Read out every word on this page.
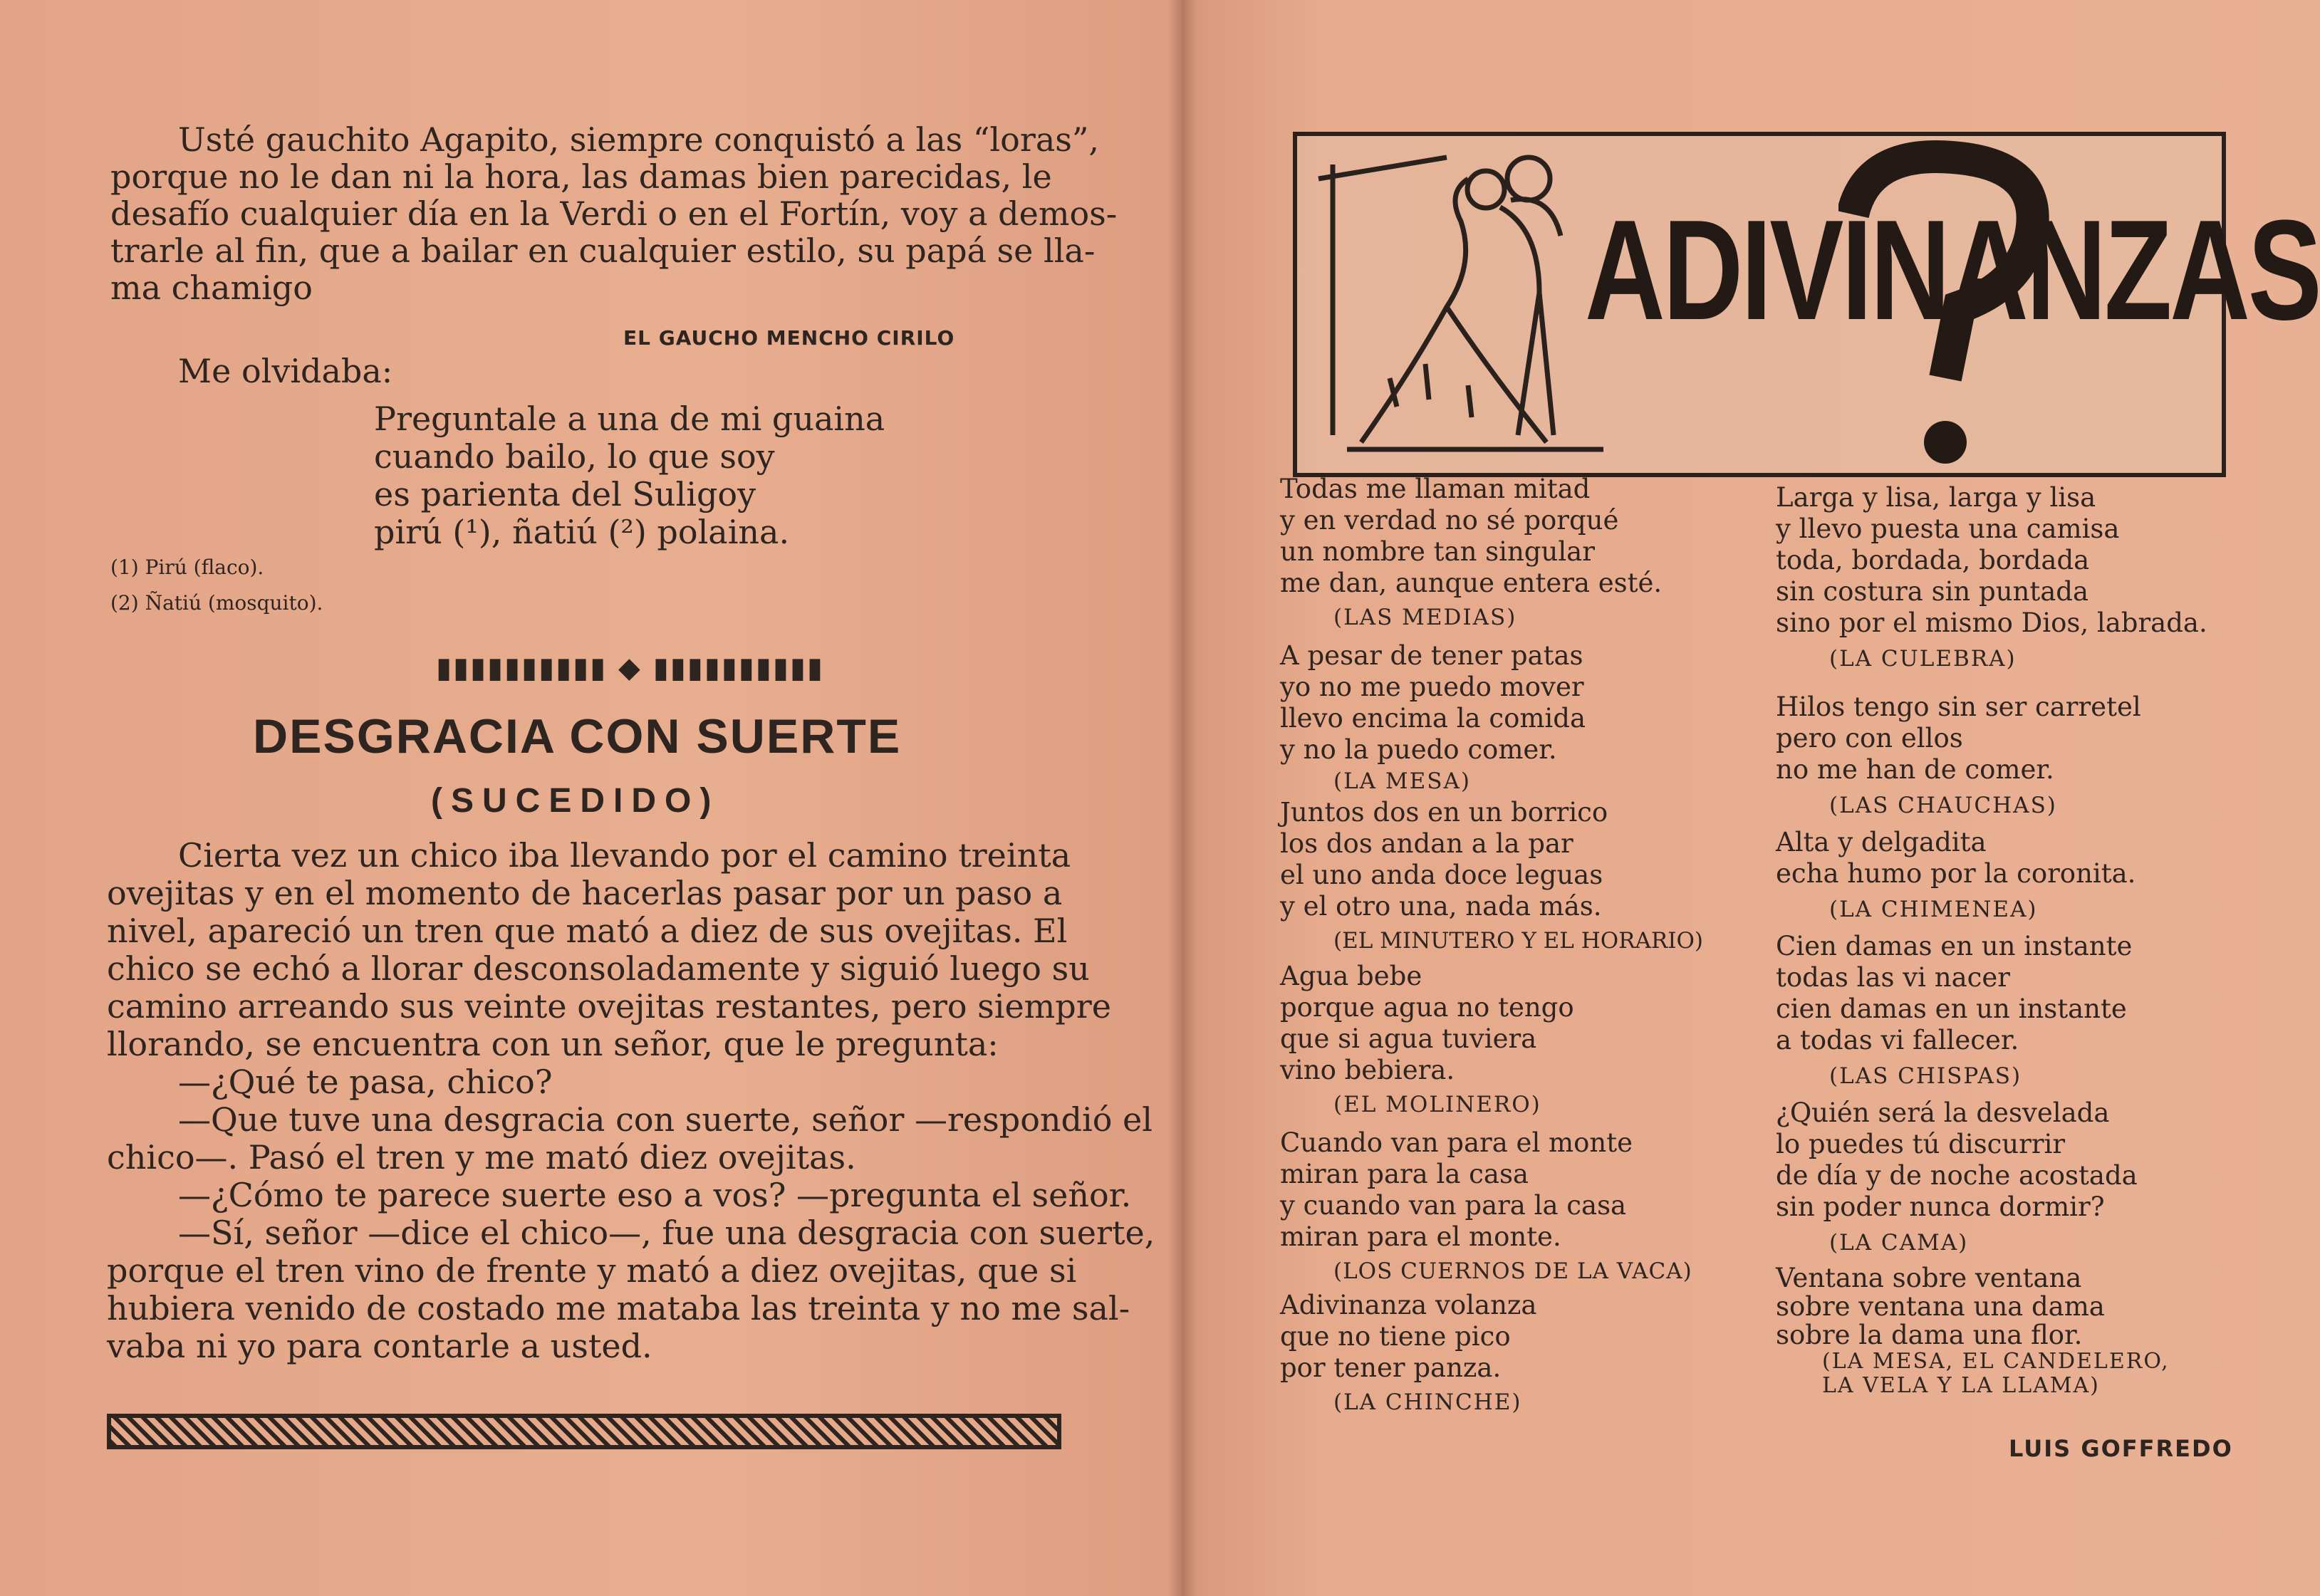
Usté gauchito Agapito, siempre conquistó a las “loras”,
porque no le dan ni la hora, las damas bien parecidas, le
desafío cualquier día en la Verdi o en el Fortín, voy a demos-
trarle al fin, que a bailar en cualquier estilo, su papá se lla-
ma chamigo
EL GAUCHO MENCHO CIRILO
Me olvidaba:
Preguntale a una de mi guaina
cuando bailo, lo que soy
es parienta del Suligoy
pirú (¹), ñatiú (²) polaina.
(1) Pirú (flaco).
(2) Ñatiú (mosquito).
▮▮▮▮▮▮▮▮▮▮ ◆ ▮▮▮▮▮▮▮▮▮▮
DESGRACIA CON SUERTE
(SUCEDIDO)
Cierta vez un chico iba llevando por el camino treinta
ovejitas y en el momento de hacerlas pasar por un paso a
nivel, apareció un tren que mató a diez de sus ovejitas. El
chico se echó a llorar desconsoladamente y siguió luego su
camino arreando sus veinte ovejitas restantes, pero siempre
llorando, se encuentra con un señor, que le pregunta:
—¿Qué te pasa, chico?
—Que tuve una desgracia con suerte, señor —respondió el
chico—. Pasó el tren y me mató diez ovejitas.
—¿Cómo te parece suerte eso a vos? —pregunta el señor.
—Sí, señor —dice el chico—, fue una desgracia con suerte,
porque el tren vino de frente y mató a diez ovejitas, que si
hubiera venido de costado me mataba las treinta y no me sal-
vaba ni yo para contarle a usted.
ADIVINANZAS
Todas me llaman mitad
y en verdad no sé porqué
un nombre tan singular
me dan, aunque entera esté.
(LAS MEDIAS)
A pesar de tener patas
yo no me puedo mover
llevo encima la comida
y no la puedo comer.
(LA MESA)
Juntos dos en un borrico
los dos andan a la par
el uno anda doce leguas
y el otro una, nada más.
(EL MINUTERO Y EL HORARIO)
Agua bebe
porque agua no tengo
que si agua tuviera
vino bebiera.
(EL MOLINERO)
Cuando van para el monte
miran para la casa
y cuando van para la casa
miran para el monte.
(LOS CUERNOS DE LA VACA)
Adivinanza volanza
que no tiene pico
por tener panza.
(LA CHINCHE)
Larga y lisa, larga y lisa
y llevo puesta una camisa
toda, bordada, bordada
sin costura sin puntada
sino por el mismo Dios, labrada.
(LA CULEBRA)
Hilos tengo sin ser carretel
pero con ellos
no me han de comer.
(LAS CHAUCHAS)
Alta y delgadita
echa humo por la coronita.
(LA CHIMENEA)
Cien damas en un instante
todas las vi nacer
cien damas en un instante
a todas vi fallecer.
(LAS CHISPAS)
¿Quién será la desvelada
lo puedes tú discurrir
de día y de noche acostada
sin poder nunca dormir?
(LA CAMA)
Ventana sobre ventana
sobre ventana una dama
sobre la dama una flor.
(LA MESA, EL CANDELERO,
LA VELA Y LA LLAMA)
LUIS GOFFREDO
